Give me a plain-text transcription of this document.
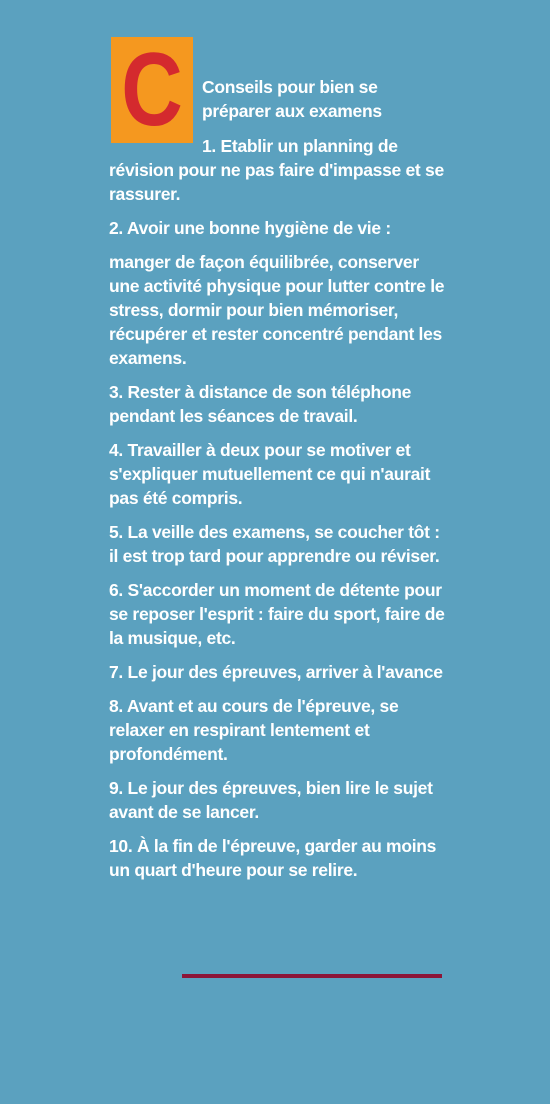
C Conseils pour bien se préparer aux examens

1. Etablir un planning de révision pour ne pas faire d'impasse et se rassurer.

2. Avoir une bonne hygiène de vie :

manger de façon équilibrée, conserver une activité physique pour lutter contre le stress, dormir pour bien mémoriser, récupérer et rester concentré pendant les examens.

3. Rester à distance de son téléphone pendant les séances de travail.

4. Travailler à deux pour se motiver et s'expliquer mutuellement ce qui n'aurait pas été compris.

5. La veille des examens, se coucher tôt : il est trop tard pour apprendre ou réviser.

6. S'accorder un moment de détente pour se reposer l'esprit : faire du sport, faire de la musique, etc.

7. Le jour des épreuves, arriver à l'avance

8. Avant et au cours de l'épreuve, se relaxer en respirant lentement et profondément.

9. Le jour des épreuves, bien lire le sujet avant de se lancer.

10. À la fin de l'épreuve, garder au moins un quart d'heure pour se relire.
